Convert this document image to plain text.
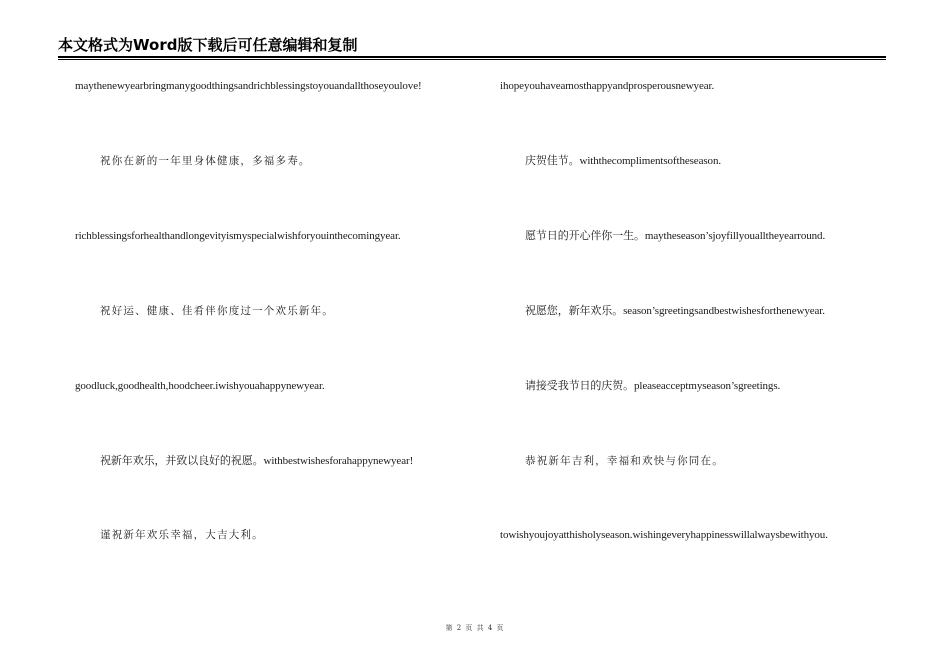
本文格式为Word版下载后可任意编辑和复制
maythenewyearbringmanygoodthingsandrichblessingstoyouandallthoseyoulove!
祝你在新的一年里身体健康，多福多寿。
richblessingsforhealthandlongevityismyspecialwishforyouinthecomingyear.
祝好运、健康、佳肴伴你度过一个欢乐新年。
goodluck,goodhealth,hoodcheer.iwishyouahappynewyear.
祝新年欢乐，并致以良好的祝愿。withbestwishesforahappynewyear!
谨祝新年欢乐幸福，大吉大利。
ihopeyouhaveamosthappyandprosperousnewyear.
庆贺佳节。withthecomplimentsoftheseason.
愿节日的开心伴你一生。maytheseason’sjoyfillyoualltheyearround.
祝愿您，新年欢乐。season’sgreetingsandbestwishesforthenewyear.
请接受我节日的庆贺。pleaseacceptmyseason’sgreetings.
恭祝新年吉利，幸福和欢快与你同在。
towishyoujoyatthisholyseason.wishingeveryhappinesswillalwaysbewithyou.
第 2 页 共 4 页
